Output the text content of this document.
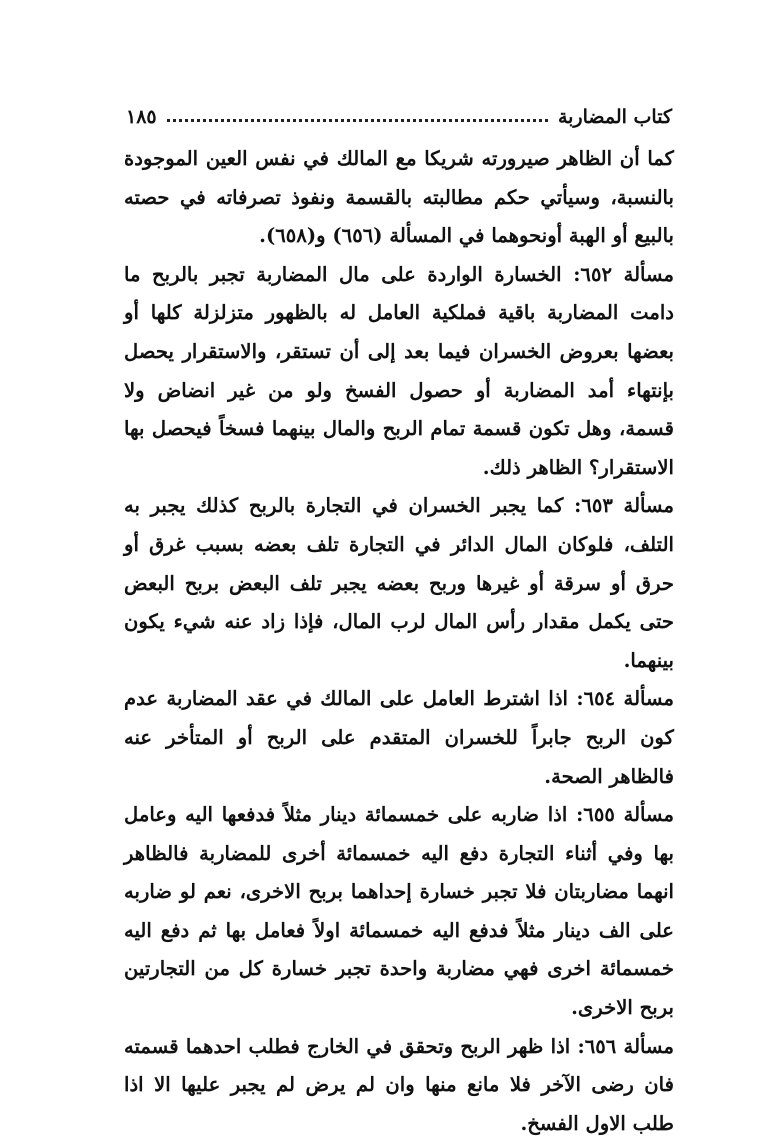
كتاب المضاربة
١٨٥

كما أن الظاهر صيرورته شريكا مع المالك في نفس العين الموجودة بالنسبة، وسيأتي حكم مطالبته بالقسمة ونفوذ تصرفاته في حصته بالبيع أو الهبة أونحوهما في المسألة (٦٥٦) و(٦٥٨).

مسألة ٦٥٢: الخسارة الواردة على مال المضاربة تجبر بالربح ما دامت المضاربة باقية فملكية العامل له بالظهور متزلزلة كلها أو بعضها بعروض الخسران فيما بعد إلى أن تستقر، والاستقرار يحصل بإنتهاء أمد المضاربة أو حصول الفسخ ولو من غير انضاض ولا قسمة، وهل تكون قسمة تمام الربح والمال بينهما فسخاً فيحصل بها الاستقرار؟ الظاهر ذلك.

مسألة ٦٥٣: كما يجبر الخسران في التجارة بالربح كذلك يجبر به التلف، فلوكان المال الدائر في التجارة تلف بعضه بسبب غرق أو حرق أو سرقة أو غيرها وربح بعضه يجبر تلف البعض بربح البعض حتى يكمل مقدار رأس المال لرب المال، فإذا زاد عنه شيء يكون بينهما.

مسألة ٦٥٤: اذا اشترط العامل على المالك في عقد المضاربة عدم كون الربح جابراً للخسران المتقدم على الربح أو المتأخر عنه فالظاهر الصحة.

مسألة ٦٥٥: اذا ضاربه على خمسمائة دينار مثلاً فدفعها اليه وعامل بها وفي أثناء التجارة دفع اليه خمسمائة أخرى للمضاربة فالظاهر انهما مضاربتان فلا تجبر خسارة إحداهما بربح الاخرى، نعم لو ضاربه على الف دينار مثلاً فدفع اليه خمسمائة اولاً فعامل بها ثم دفع اليه خمسمائة اخرى فهي مضاربة واحدة تجبر خسارة كل من التجارتين بربح الاخرى.

مسألة ٦٥٦: اذا ظهر الربح وتحقق في الخارج فطلب احدهما قسمته فان رضى الآخر فلا مانع منها وان لم يرض لم يجبر عليها الا اذا طلب الاول الفسخ.
